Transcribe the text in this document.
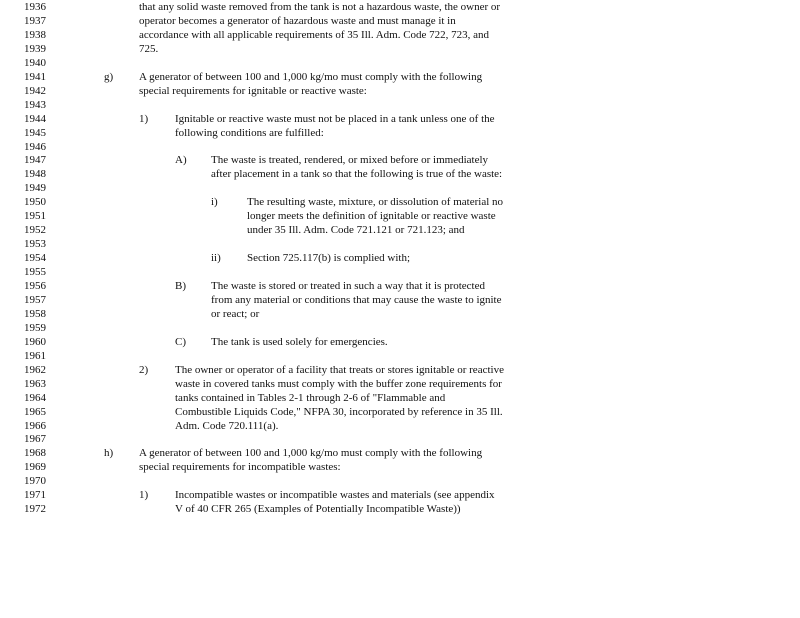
1936	that any solid waste removed from the tank is not a hazardous waste, the owner or
1937	operator becomes a generator of hazardous waste and must manage it in
1938	accordance with all applicable requirements of 35 Ill. Adm. Code 722, 723, and
1939	725.
1940
1941	g) A generator of between 100 and 1,000 kg/mo must comply with the following
1942	special requirements for ignitable or reactive waste:
1943
1944	1) Ignitable or reactive waste must not be placed in a tank unless one of the
1945	following conditions are fulfilled:
1946
1947	A) The waste is treated, rendered, or mixed before or immediately
1948	after placement in a tank so that the following is true of the waste:
1949
1950	i)	The resulting waste, mixture, or dissolution of material no
1951	longer meets the definition of ignitable or reactive waste
1952	under 35 Ill. Adm. Code 721.121 or 721.123; and
1953
1954	ii) Section 725.117(b) is complied with;
1955
1956	B) The waste is stored or treated in such a way that it is protected
1957	from any material or conditions that may cause the waste to ignite
1958	or react; or
1959
1960	C) The tank is used solely for emergencies.
1961
1962	2) The owner or operator of a facility that treats or stores ignitable or reactive
1963	waste in covered tanks must comply with the buffer zone requirements for
1964	tanks contained in Tables 2-1 through 2-6 of "Flammable and
1965	Combustible Liquids Code," NFPA 30, incorporated by reference in 35 Ill.
1966	Adm. Code 720.111(a).
1967
1968	h) A generator of between 100 and 1,000 kg/mo must comply with the following
1969	special requirements for incompatible wastes:
1970
1971	1) Incompatible wastes or incompatible wastes and materials (see appendix
1972	V of 40 CFR 265 (Examples of Potentially Incompatible Waste))
